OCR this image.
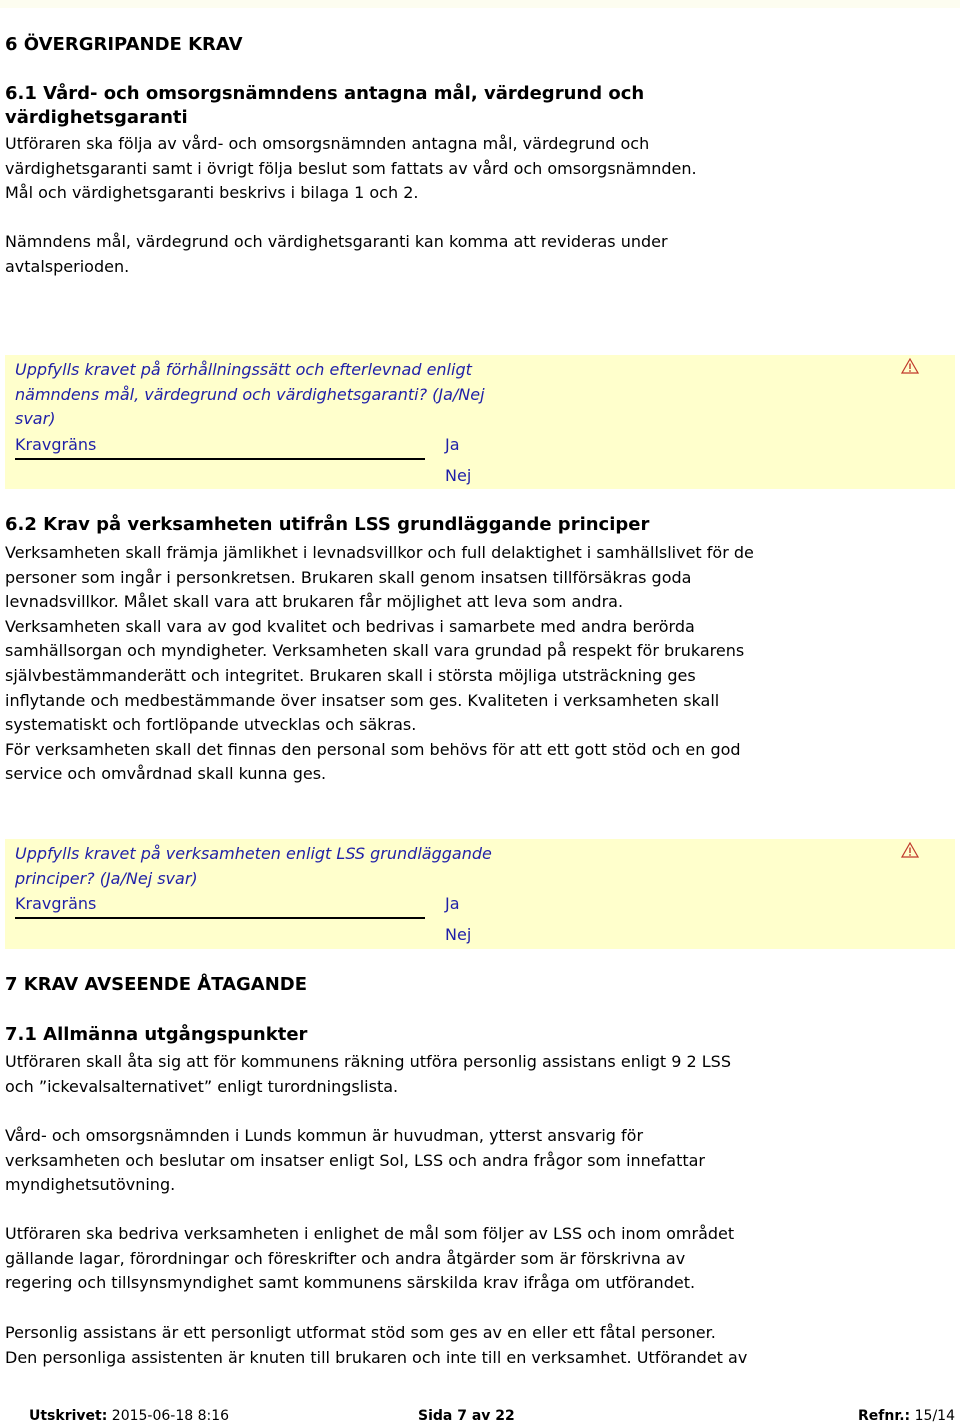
6 ÖVERGRIPANDE KRAV
6.1 Vård- och omsorgsnämndens antagna mål, värdegrund och
värdighetsgaranti
Utföraren ska följa av vård- och omsorgsnämnden antagna mål, värdegrund och
värdighetsgaranti samt i övrigt följa beslut som fattats av vård och omsorgsnämnden.
Mål och värdighetsgaranti beskrivs i bilaga 1 och 2.
Nämndens mål, värdegrund och värdighetsgaranti kan komma att revideras under
avtalsperioden.
Uppfylls kravet på förhållningssätt och efterlevnad enligt
nämndens mål, värdegrund och värdighetsgaranti? (Ja/Nej
svar)
Kravgräns	Ja
Nej
6.2 Krav på verksamheten utifrån LSS grundläggande principer
Verksamheten skall främja jämlikhet i levnadsvillkor och full delaktighet i samhällslivet för de
personer som ingår i personkretsen. Brukaren skall genom insatsen tillförsäkras goda
levnadsvillkor. Målet skall vara att brukaren får möjlighet att leva som andra.
Verksamheten skall vara av god kvalitet och bedrivas i samarbete med andra berörda
samhällsorgan och myndigheter. Verksamheten skall vara grundad på respekt för brukarens
självbestämmanderätt och integritet. Brukaren skall i största möjliga utsträckning ges
inflytande och medbestämmande över insatser som ges. Kvaliteten i verksamheten skall
systematiskt och fortlöpande utvecklas och säkras.
För verksamheten skall det finnas den personal som behövs för att ett gott stöd och en god
service och omvårdnad skall kunna ges.
Uppfylls kravet på verksamheten enligt LSS grundläggande
principer? (Ja/Nej svar)
Kravgräns	Ja
Nej
7 KRAV AVSEENDE ÅTAGANDE
7.1 Allmänna utgångspunkter
Utföraren skall åta sig att för kommunens räkning utföra personlig assistans enligt 9 2 LSS
och ”ickevalsalternativet” enligt turordningslista.
Vård- och omsorgsnämnden i Lunds kommun är huvudman, ytterst ansvarig för
verksamheten och beslutar om insatser enligt Sol, LSS och andra frågor som innefattar
myndighetsutövning.
Utföraren ska bedriva verksamheten i enlighet de mål som följer av LSS och inom området
gällande lagar, förordningar och föreskrifter och andra åtgärder som är förskrivna av
regering och tillsynsmyndighet samt kommunens särskilda krav ifråga om utförandet.
Personlig assistans är ett personligt utformat stöd som ges av en eller ett fåtal personer.
Den personliga assistenten är knuten till brukaren och inte till en verksamhet. Utförandet av
Utskrivet: 2015-06-18 8:16	Sida 7 av 22	Refnr.: 15/14
